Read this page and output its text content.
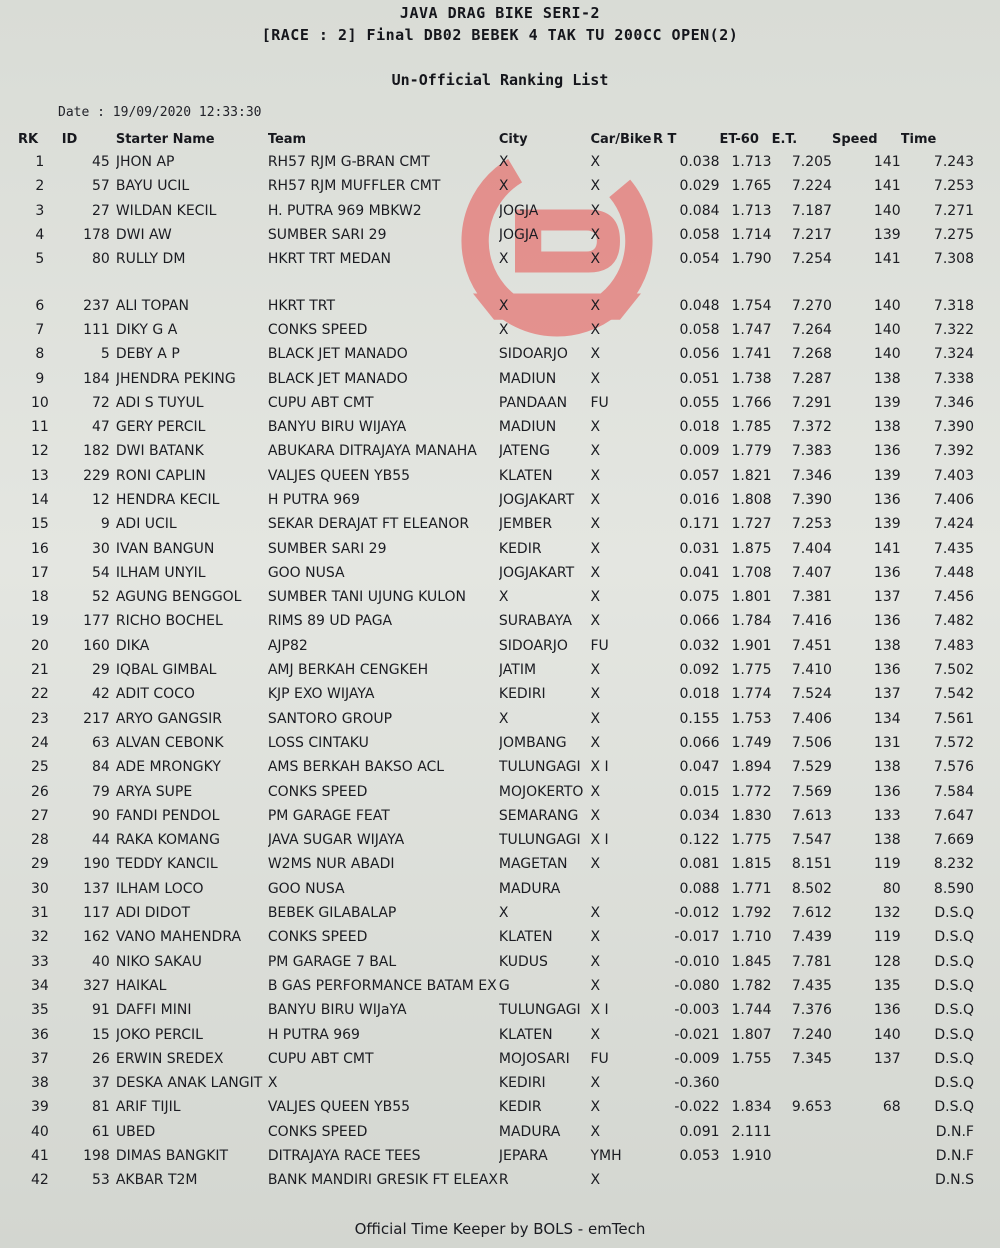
JAVA DRAG BIKE SERI-2
[RACE : 2] Final DB02 BEBEK 4 TAK TU 200CC OPEN(2)
Un-Official Ranking List
Date : 19/09/2020 12:33:30
RK	ID	Starter Name	Team	City	Car/Bike	R T	ET-60	E.T.	Speed	Time
1	45	JHON AP	RH57 RJM G-BRAN CMT	X	X	0.038	1.713	7.205	141	7.243
2	57	BAYU UCIL	RH57 RJM MUFFLER CMT	X	X	0.029	1.765	7.224	141	7.253
3	27	WILDAN KECIL	H. PUTRA 969 MBKW2	JOGJA	X	0.084	1.713	7.187	140	7.271
4	178	DWI AW	SUMBER SARI 29	JOGJA	X	0.058	1.714	7.217	139	7.275
5	80	RULLY DM	HKRT TRT MEDAN	X	X	0.054	1.790	7.254	141	7.308

6	237	ALI TOPAN	HKRT TRT	X	X	0.048	1.754	7.270	140	7.318
7	111	DIKY G A	CONKS SPEED	X	X	0.058	1.747	7.264	140	7.322
8	5	DEBY A P	BLACK JET MANADO	SIDOARJO	X	0.056	1.741	7.268	140	7.324
9	184	JHENDRA PEKING	BLACK JET MANADO	MADIUN	X	0.051	1.738	7.287	138	7.338
10	72	ADI S TUYUL	CUPU ABT CMT	PANDAAN	FU	0.055	1.766	7.291	139	7.346
11	47	GERY PERCIL	BANYU BIRU WIJAYA	MADIUN	X	0.018	1.785	7.372	138	7.390
12	182	DWI BATANK	ABUKARA DITRAJAYA MANAHA	JATENG	X	0.009	1.779	7.383	136	7.392
13	229	RONI CAPLIN	VALJES QUEEN YB55	KLATEN	X	0.057	1.821	7.346	139	7.403
14	12	HENDRA KECIL	H PUTRA 969	JOGJAKART	X	0.016	1.808	7.390	136	7.406
15	9	ADI UCIL	SEKAR DERAJAT FT ELEANOR	JEMBER	X	0.171	1.727	7.253	139	7.424
16	30	IVAN BANGUN	SUMBER SARI 29	KEDIR	X	0.031	1.875	7.404	141	7.435
17	54	ILHAM UNYIL	GOO NUSA	JOGJAKART	X	0.041	1.708	7.407	136	7.448
18	52	AGUNG BENGGOL	SUMBER TANI UJUNG KULON	X	X	0.075	1.801	7.381	137	7.456
19	177	RICHO BOCHEL	RIMS 89 UD PAGA	SURABAYA	X	0.066	1.784	7.416	136	7.482
20	160	DIKA	AJP82	SIDOARJO	FU	0.032	1.901	7.451	138	7.483
21	29	IQBAL GIMBAL	AMJ BERKAH CENGKEH	JATIM	X	0.092	1.775	7.410	136	7.502
22	42	ADIT COCO	KJP EXO WIJAYA	KEDIRI	X	0.018	1.774	7.524	137	7.542
23	217	ARYO GANGSIR	SANTORO GROUP	X	X	0.155	1.753	7.406	134	7.561
24	63	ALVAN CEBONK	LOSS CINTAKU	JOMBANG	X	0.066	1.749	7.506	131	7.572
25	84	ADE MRONGKY	AMS BERKAH BAKSO ACL	TULUNGAGI	X I	0.047	1.894	7.529	138	7.576
26	79	ARYA SUPE	CONKS SPEED	MOJOKERTO	X	0.015	1.772	7.569	136	7.584
27	90	FANDI PENDOL	PM GARAGE FEAT	SEMARANG	X	0.034	1.830	7.613	133	7.647
28	44	RAKA KOMANG	JAVA SUGAR WIJAYA	TULUNGAGI	X I	0.122	1.775	7.547	138	7.669
29	190	TEDDY KANCIL	W2MS NUR ABADI	MAGETAN	X	0.081	1.815	8.151	119	8.232
30	137	ILHAM LOCO	GOO NUSA	MADURA		0.088	1.771	8.502	80	8.590
31	117	ADI DIDOT	BEBEK GILABALAP	X	X	-0.012	1.792	7.612	132	D.S.Q
32	162	VANO MAHENDRA	CONKS SPEED	KLATEN	X	-0.017	1.710	7.439	119	D.S.Q
33	40	NIKO SAKAU	PM GARAGE 7 BAL	KUDUS	X	-0.010	1.845	7.781	128	D.S.Q
34	327	HAIKAL	B GAS PERFORMANCE BATAM EX	G	X	-0.080	1.782	7.435	135	D.S.Q
35	91	DAFFI MINI	BANYU BIRU WIJaYA	TULUNGAGI	X I	-0.003	1.744	7.376	136	D.S.Q
36	15	JOKO PERCIL	H PUTRA 969	KLATEN	X	-0.021	1.807	7.240	140	D.S.Q
37	26	ERWIN SREDEX	CUPU ABT CMT	MOJOSARI	FU	-0.009	1.755	7.345	137	D.S.Q
38	37	DESKA ANAK LANGIT	X	KEDIRI	X	-0.360				D.S.Q
39	81	ARIF TIJIL	VALJES QUEEN YB55	KEDIR	X	-0.022	1.834	9.653	68	D.S.Q
40	61	UBED	CONKS SPEED	MADURA	X	0.091	2.111			D.N.F
41	198	DIMAS BANGKIT	DITRAJAYA RACE TEES	JEPARA	YMH	0.053	1.910			D.N.F
42	53	AKBAR T2M	BANK MANDIRI GRESIK FT ELEAX	R	X					D.N.S
Official Time Keeper by BOLS - emTech
